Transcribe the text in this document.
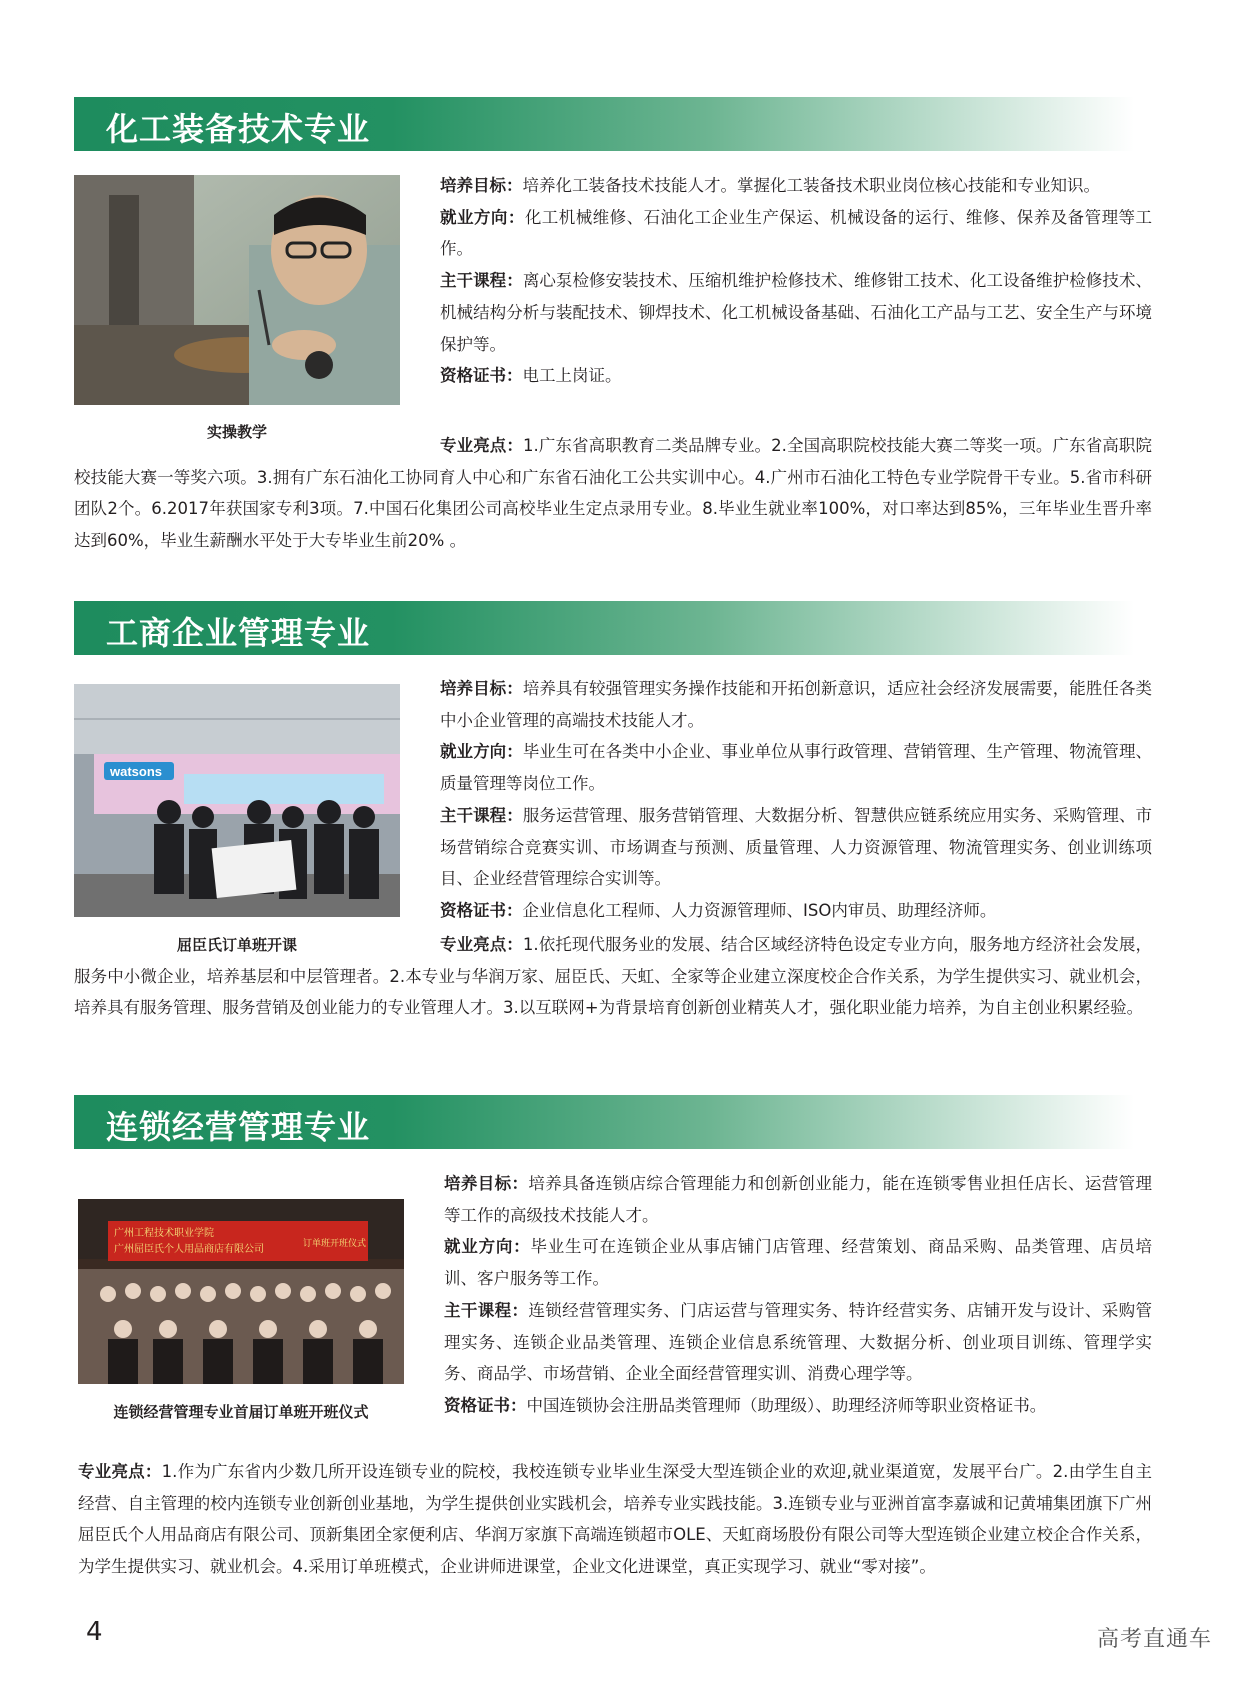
化工装备技术专业
实操教学

培养目标：培养化工装备技术技能人才。掌握化工装备技术职业岗位核心技能和专业知识。

就业方向：化工机械维修、石油化工企业生产保运、机械设备的运行、维修、保养及备管理等工作。

主干课程：离心泵检修安装技术、压缩机维护检修技术、维修钳工技术、化工设备维护检修技术、机械结构分析与装配技术、铆焊技术、化工机械设备基础、石油化工产品与工艺、安全生产与环境保护等。

资格证书：电工上岗证。

专业亮点：1.广东省高职教育二类品牌专业。2.全国高职院校技能大赛二等奖一项。广东省高职院校技能大赛一等奖六项。3.拥有广东石油化工协同育人中心和广东省石油化工公共实训中心。4.广州市石油化工特色专业学院骨干专业。5.省市科研团队2个。6.2017年获国家专利3项。7.中国石化集团公司高校毕业生定点录用专业。8.毕业生就业率100%，对口率达到85%，三年毕业生晋升率达到60%，毕业生薪酬水平处于大专毕业生前20% 。

工商企业管理专业
watsons
屈臣氏订单班开课

培养目标：培养具有较强管理实务操作技能和开拓创新意识，适应社会经济发展需要，能胜任各类中小企业管理的高端技术技能人才。

就业方向：毕业生可在各类中小企业、事业单位从事行政管理、营销管理、生产管理、物流管理、质量管理等岗位工作。

主干课程：服务运营管理、服务营销管理、大数据分析、智慧供应链系统应用实务、采购管理、市场营销综合竞赛实训、市场调查与预测、质量管理、人力资源管理、物流管理实务、创业训练项目、企业经营管理综合实训等。

资格证书：企业信息化工程师、人力资源管理师、ISO内审员、助理经济师。

专业亮点：1.依托现代服务业的发展、结合区域经济特色设定专业方向，服务地方经济社会发展，服务中小微企业，培养基层和中层管理者。2.本专业与华润万家、屈臣氏、天虹、全家等企业建立深度校企合作关系，为学生提供实习、就业机会，培养具有服务管理、服务营销及创业能力的专业管理人才。3.以互联网+为背景培育创新创业精英人才，强化职业能力培养，为自主创业积累经验。

连锁经营管理专业
广州工程技术职业学院
广州屈臣氏个人用品商店有限公司	订单班开班仪式
连锁经营管理专业首届订单班开班仪式

培养目标：培养具备连锁店综合管理能力和创新创业能力，能在连锁零售业担任店长、运营管理等工作的高级技术技能人才。

就业方向：毕业生可在连锁企业从事店铺门店管理、经营策划、商品采购、品类管理、店员培训、客户服务等工作。

主干课程：连锁经营管理实务、门店运营与管理实务、特许经营实务、店铺开发与设计、采购管理实务、连锁企业品类管理、连锁企业信息系统管理、大数据分析、创业项目训练、管理学实务、商品学、市场营销、企业全面经营管理实训、消费心理学等。

资格证书：中国连锁协会注册品类管理师（助理级）、助理经济师等职业资格证书。

专业亮点：1.作为广东省内少数几所开设连锁专业的院校，我校连锁专业毕业生深受大型连锁企业的欢迎,就业渠道宽，发展平台广。2.由学生自主经营、自主管理的校内连锁专业创新创业基地，为学生提供创业实践机会，培养专业实践技能。3.连锁专业与亚洲首富李嘉诚和记黄埔集团旗下广州屈臣氏个人用品商店有限公司、顶新集团全家便利店、华润万家旗下高端连锁超市OLE、天虹商场股份有限公司等大型连锁企业建立校企合作关系，为学生提供实习、就业机会。4.采用订单班模式，企业讲师进课堂，企业文化进课堂，真正实现学习、就业“零对接”。

4	高考直通车
